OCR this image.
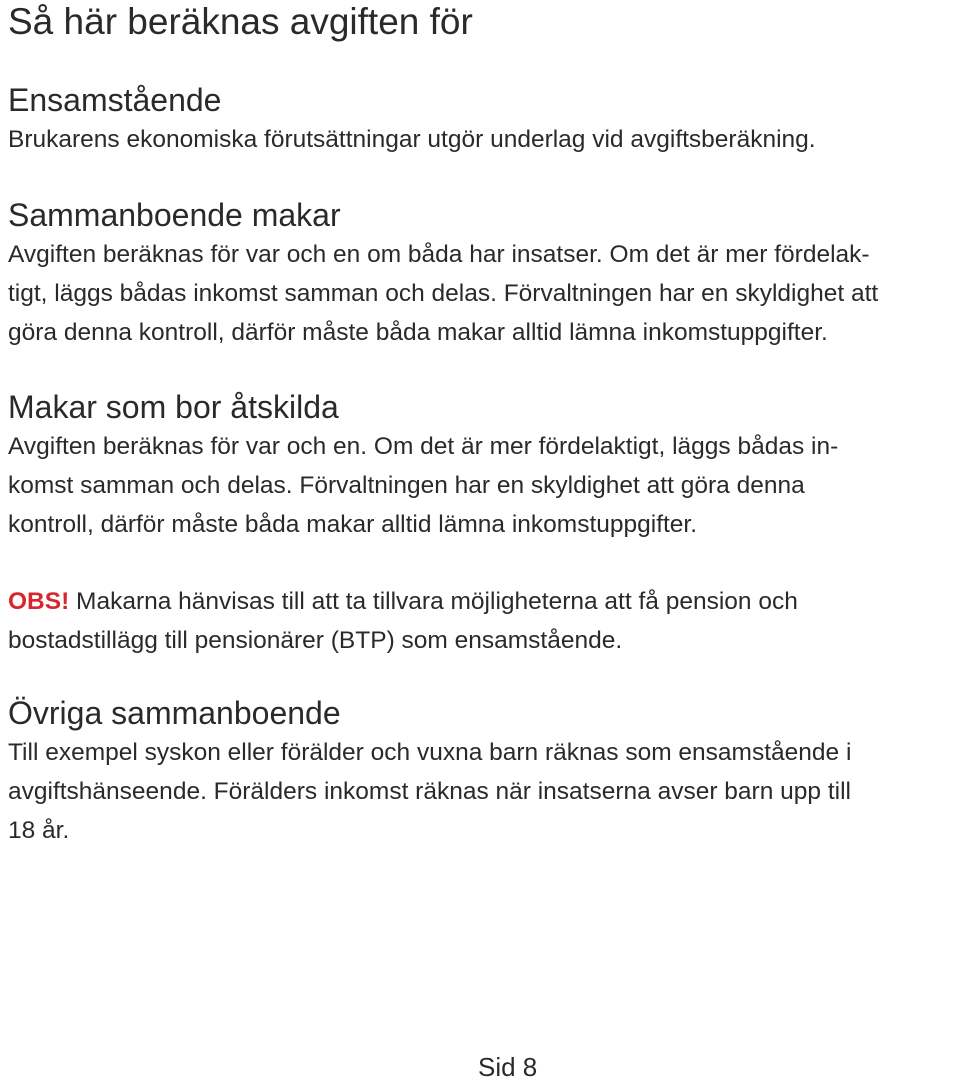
Så här beräknas avgiften för
Ensamstående
Brukarens ekonomiska förutsättningar utgör underlag vid avgiftsberäkning.
Sammanboende makar
Avgiften beräknas för var och en om båda har insatser. Om det är mer fördelak-
tigt, läggs bådas inkomst samman och delas. Förvaltningen har en skyldighet att
göra denna kontroll, därför måste båda makar alltid lämna inkomstuppgifter.
Makar som bor åtskilda
Avgiften beräknas för var och en. Om det är mer fördelaktigt, läggs bådas in-
komst samman och delas. Förvaltningen har en skyldighet att göra denna
kontroll, därför måste båda makar alltid lämna inkomstuppgifter.
OBS! Makarna hänvisas till att ta tillvara möjligheterna att få pension och
bostadstillägg till pensionärer (BTP) som ensamstående.
Övriga sammanboende
Till exempel syskon eller förälder och vuxna barn räknas som ensamstående i
avgiftshänseende. Förälders inkomst räknas när insatserna avser barn upp till
18 år.
Sid 8
